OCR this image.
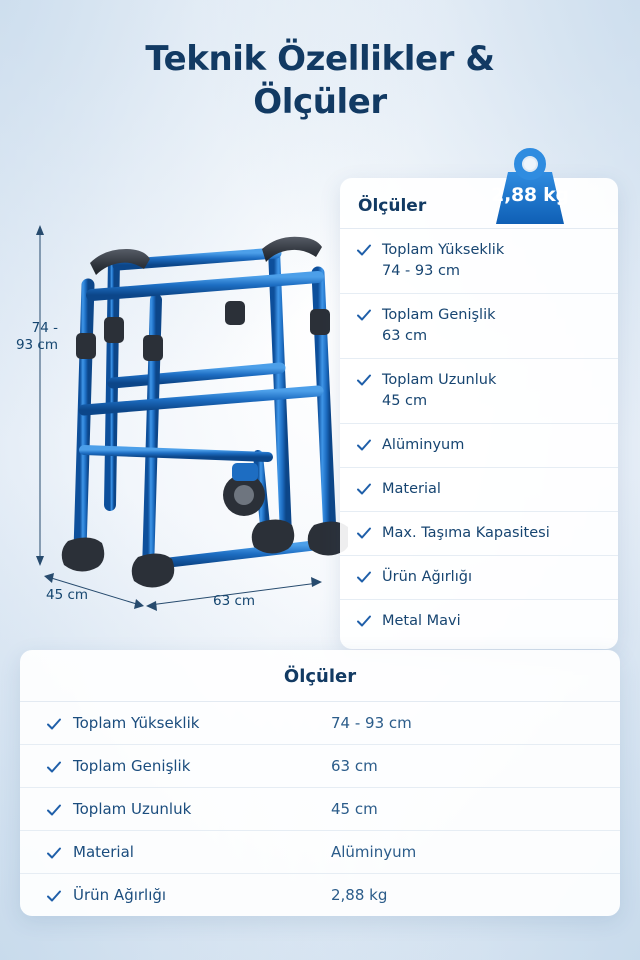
Teknik Özellikler &
Ölçüler
74 - 93 cm
45 cm	63 cm
Ölçüler
Toplam Yükseklik
74 - 93 cm
Toplam Genişlik
63 cm
Toplam Uzunluk
45 cm
Alüminyum
Material
Max. Taşıma Kapasitesi
Ürün Ağırlığı
Metal Mavi
2,88 kg
Ölçüler
Toplam Yükseklik	74 - 93 cm
Toplam Genişlik	63 cm
Toplam Uzunluk	45 cm
Material	Alüminyum
Ürün Ağırlığı	2,88 kg
